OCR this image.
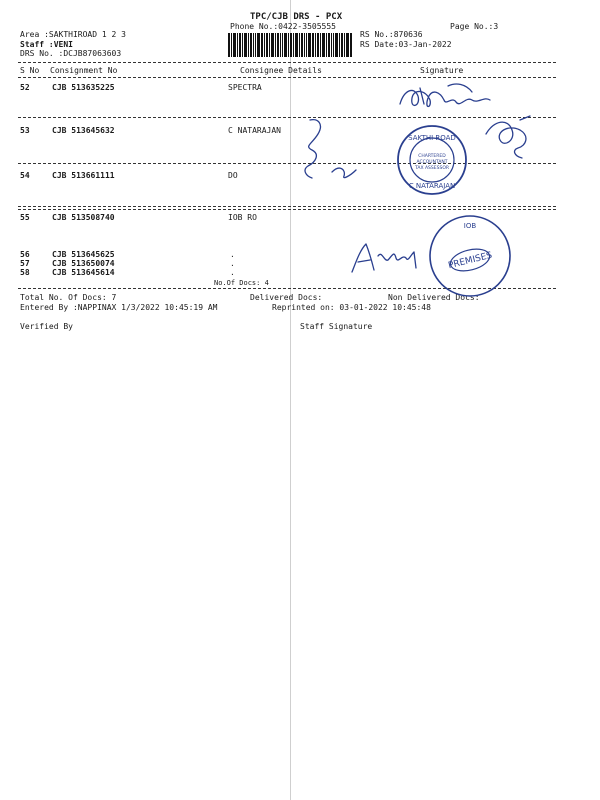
TPC/CJB DRS - PCX
Phone No.:0422-3505555	Page No.:3
Area :SAKTHIROAD 1 2 3
Staff :VENI
DRS No. :DCJB87063603
RS No.:870636
RS Date:03-Jan-2022
S No Consignment No	Consignee Details	Signature
52	CJB 513635225	SPECTRA
53	CJB 513645632	C NATARAJAN
54	CJB 513661111	DO
55	CJB 513508740	IOB RO
56	CJB 513645625	.
57	CJB 513650074	.
58	CJB 513645614	.
No.Of Docs: 4
Total No. Of Docs: 7	Delivered Docs:	Non Delivered Docs:
Entered By :NAPPINAX 1/3/2022 10:45:19 AM	Reprinted on: 03-01-2022 10:45:48
Verified By	Staff Signature
SAKTHI ROAD
CHARTERED
ACCOUNTANT
TAX ASSESSOR
C NATARAJAN
PREMISES
IOB
